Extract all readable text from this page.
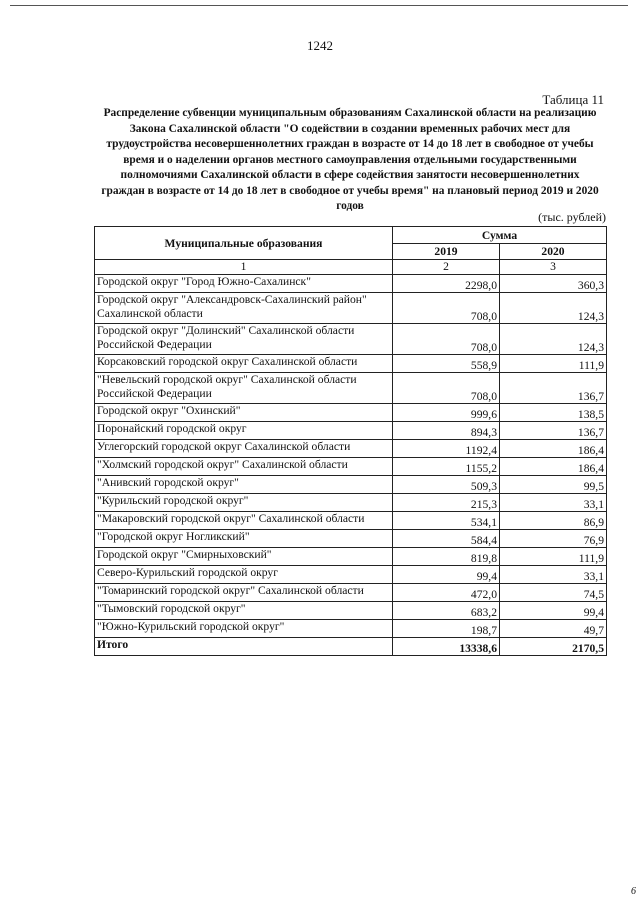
1242
Таблица 11
Распределение субвенции муниципальным образованиям Сахалинской области на реализацию Закона Сахалинской области "О содействии в создании временных рабочих мест для трудоустройства несовершеннолетних граждан в возрасте от 14 до 18 лет в свободное от учебы время и о наделении органов местного самоуправления отдельными государственными полномочиями Сахалинской области в сфере содействия занятости несовершеннолетних граждан в возрасте от 14 до 18 лет в свободное от учебы время" на плановый период 2019 и 2020 годов
(тыс. рублей)
Муниципальные образования	Сумма	
	2019	2020
1	2	3
Городской округ "Город Южно-Сахалинск"	2298,0	360,3
Городской округ "Александровск-Сахалинский район" Сахалинской области	708,0	124,3
Городской округ "Долинский" Сахалинской области Российской Федерации	708,0	124,3
Корсаковский городской округ Сахалинской области	558,9	111,9
"Невельский городской округ" Сахалинской области Российской Федерации	708,0	136,7
Городской округ "Охинский"	999,6	138,5
Поронайский городской округ	894,3	136,7
Углегорский городской округ Сахалинской области	1192,4	186,4
"Холмский городской округ" Сахалинской области	1155,2	186,4
"Анивский городской округ"	509,3	99,5
"Курильский городской округ"	215,3	33,1
"Макаровский городской округ" Сахалинской области	534,1	86,9
"Городской округ Ногликский"	584,4	76,9
Городской округ "Смирныховский"	819,8	111,9
Северо-Курильский городской округ	99,4	33,1
"Томаринский городской округ" Сахалинской области	472,0	74,5
"Тымовский городской округ"	683,2	99,4
"Южно-Курильский городской округ"	198,7	49,7
Итого	13338,6	2170,5
6
